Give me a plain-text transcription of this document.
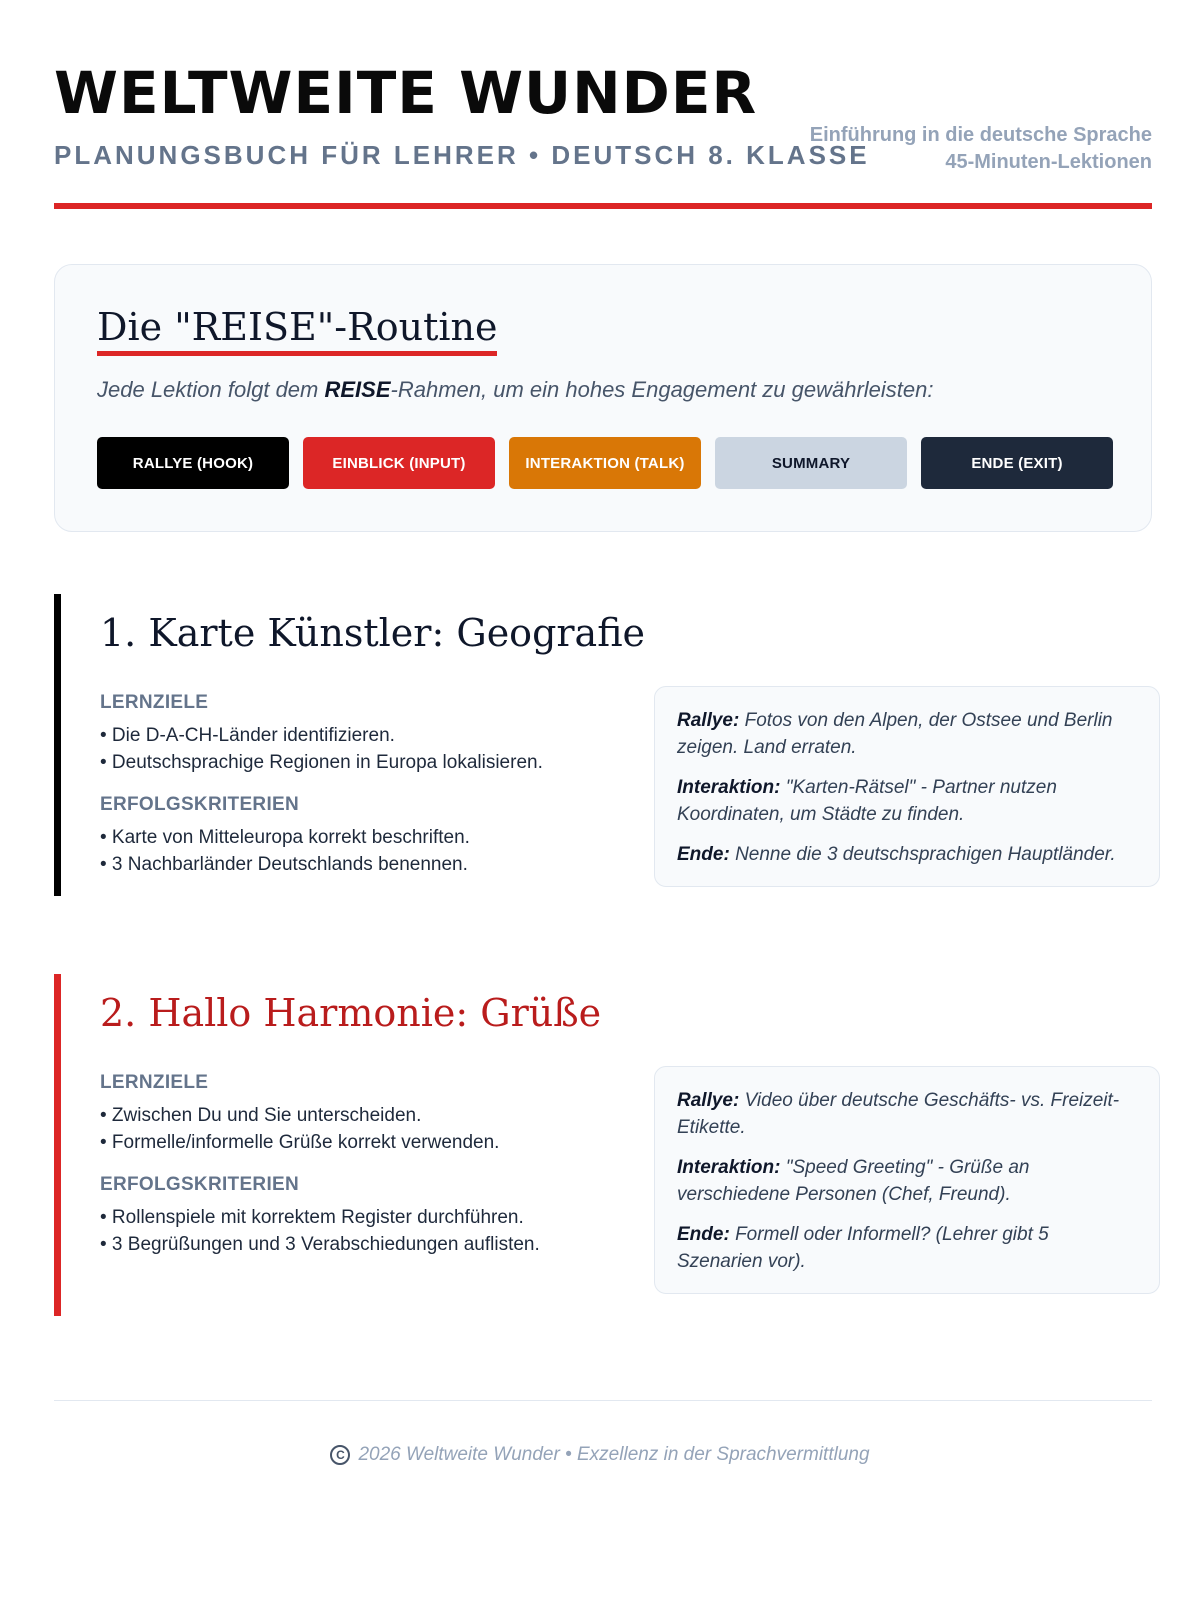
WELTWEITE WUNDER
PLANUNGSBUCH FÜR LEHRER • DEUTSCH 8. KLASSE
Einführung in die deutsche Sprache
45-Minuten-Lektionen
Die "REISE"-Routine
Jede Lektion folgt dem REISE-Rahmen, um ein hohes Engagement zu gewährleisten:
RALLYE (HOOK)	EINBLICK (INPUT)	INTERAKTION (TALK)	SUMMARY	ENDE (EXIT)
1. Karte Künstler: Geografie
LERNZIELE
• Die D-A-CH-Länder identifizieren.
• Deutschsprachige Regionen in Europa lokalisieren.
ERFOLGSKRITERIEN
• Karte von Mitteleuropa korrekt beschriften.
• 3 Nachbarländer Deutschlands benennen.

Rallye: Fotos von den Alpen, der Ostsee und Berlin zeigen. Land erraten.

Interaktion: "Karten-Rätsel" - Partner nutzen Koordinaten, um Städte zu finden.

Ende: Nenne die 3 deutschsprachigen Hauptländer.

2. Hallo Harmonie: Grüße
LERNZIELE
• Zwischen Du und Sie unterscheiden.
• Formelle/informelle Grüße korrekt verwenden.
ERFOLGSKRITERIEN
• Rollenspiele mit korrektem Register durchführen.
• 3 Begrüßungen und 3 Verabschiedungen auflisten.

Rallye: Video über deutsche Geschäfts- vs. Freizeit-Etikette.

Interaktion: "Speed Greeting" - Grüße an verschiedene Personen (Chef, Freund).

Ende: Formell oder Informell? (Lehrer gibt 5 Szenarien vor).

C 2026 Weltweite Wunder • Exzellenz in der Sprachvermittlung
